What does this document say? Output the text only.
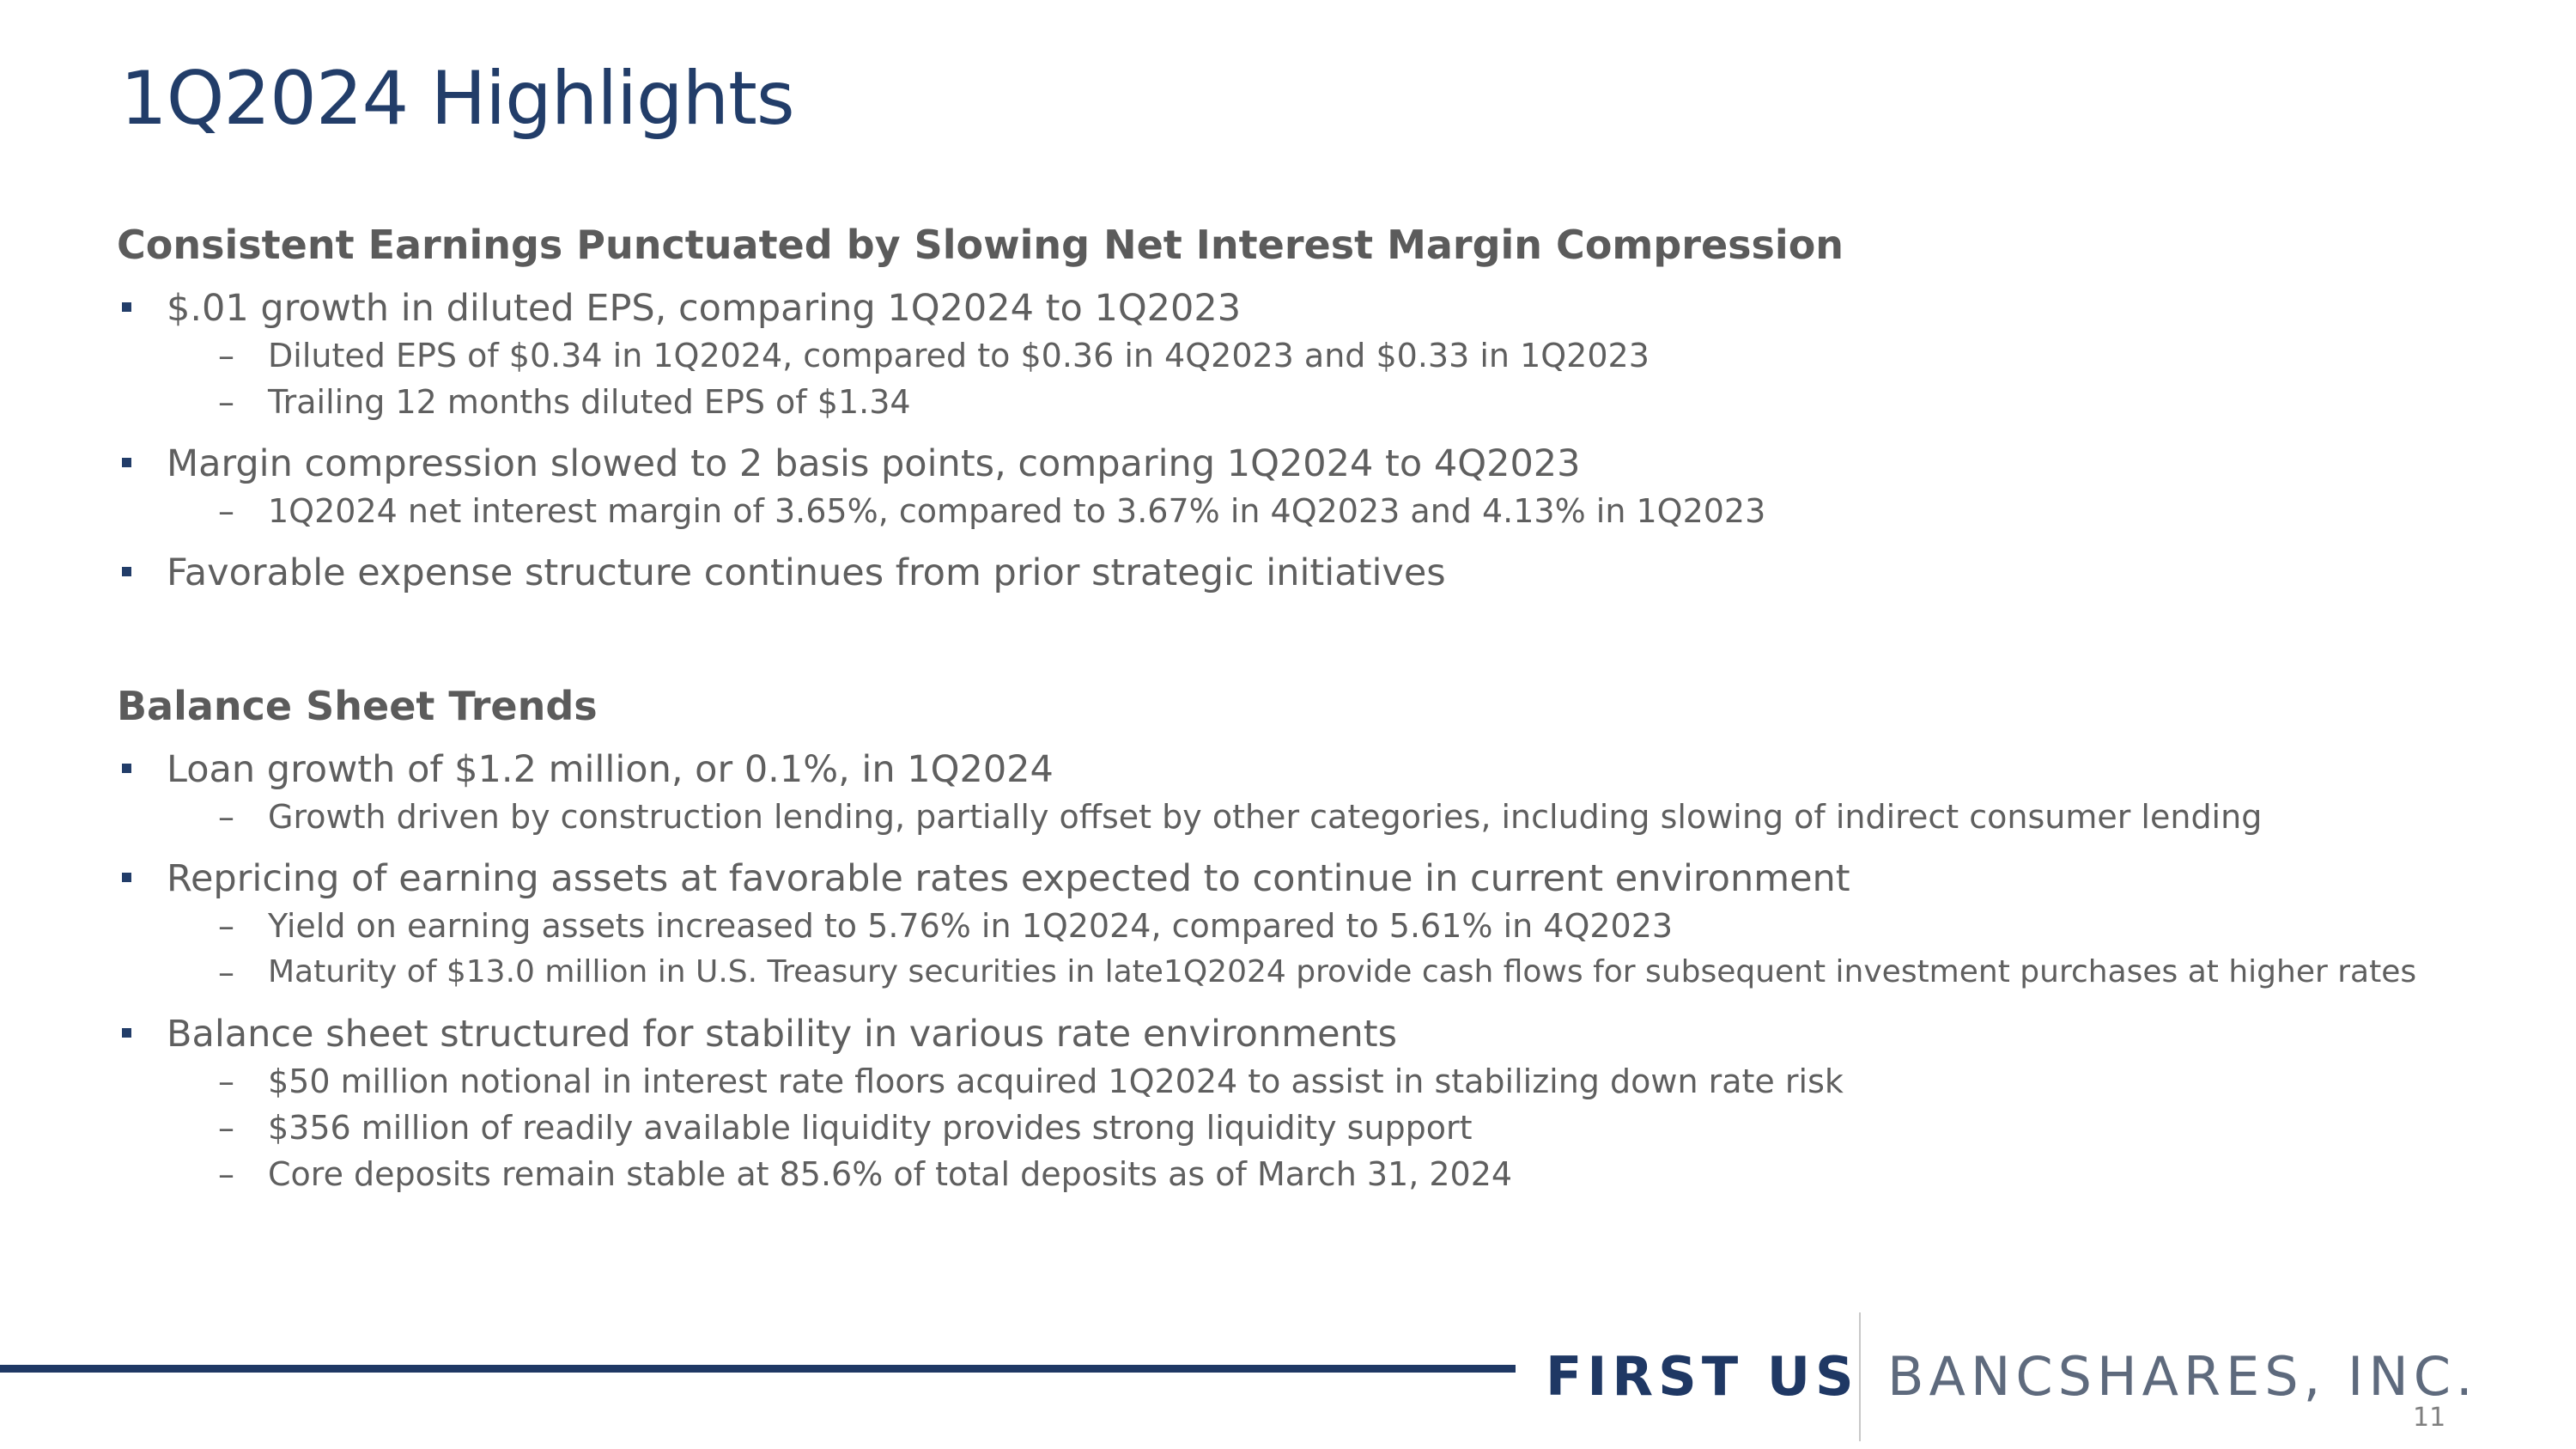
1Q2024 Highlights
Consistent Earnings Punctuated by Slowing Net Interest Margin Compression
$.01 growth in diluted EPS, comparing 1Q2024 to 1Q2023
– Diluted EPS of $0.34 in 1Q2024, compared to $0.36 in 4Q2023 and $0.33 in 1Q2023
– Trailing 12 months diluted EPS of $1.34
Margin compression slowed to 2 basis points, comparing 1Q2024 to 4Q2023
– 1Q2024 net interest margin of 3.65%, compared to 3.67% in 4Q2023 and 4.13% in 1Q2023
Favorable expense structure continues from prior strategic initiatives
Balance Sheet Trends
Loan growth of $1.2 million, or 0.1%, in 1Q2024
– Growth driven by construction lending, partially offset by other categories, including slowing of indirect consumer lending
Repricing of earning assets at favorable rates expected to continue in current environment
– Yield on earning assets increased to 5.76% in 1Q2024, compared to 5.61% in 4Q2023
– Maturity of $13.0 million in U.S. Treasury securities in late1Q2024 provide cash flows for subsequent investment purchases at higher rates
Balance sheet structured for stability in various rate environments
– $50 million notional in interest rate floors acquired 1Q2024 to assist in stabilizing down rate risk
– $356 million of readily available liquidity provides strong liquidity support
– Core deposits remain stable at 85.6% of total deposits as of March 31, 2024
FIRST US BANCSHARES, INC.
11
